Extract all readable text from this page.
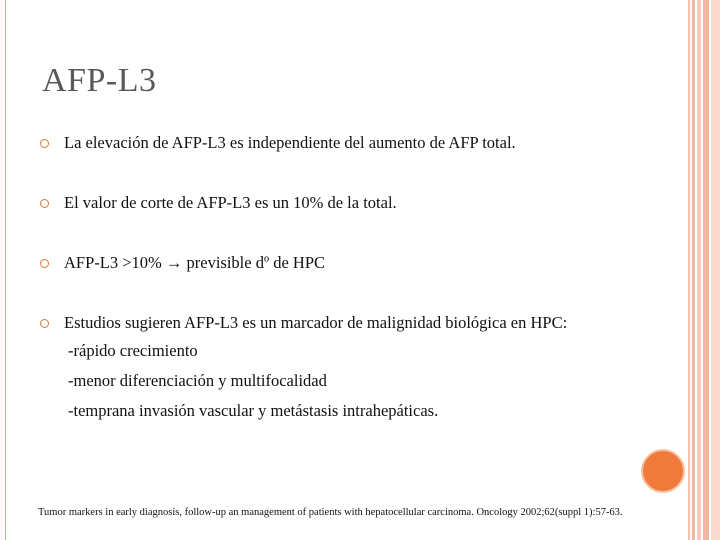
AFP-L3
La elevación de AFP-L3 es independiente del aumento de AFP total.
El valor de corte de AFP-L3 es un 10% de la total.
AFP-L3 >10% → previsible dº de HPC
Estudios sugieren AFP-L3 es un marcador de malignidad biológica en HPC:
-rápido crecimiento
-menor diferenciación y multifocalidad
-temprana invasión vascular y metástasis intrahepáticas.
Tumor markers in early diagnosis, follow-up an management of patients with hepatocellular carcinoma. Oncology 2002;62(suppl 1):57-63.
